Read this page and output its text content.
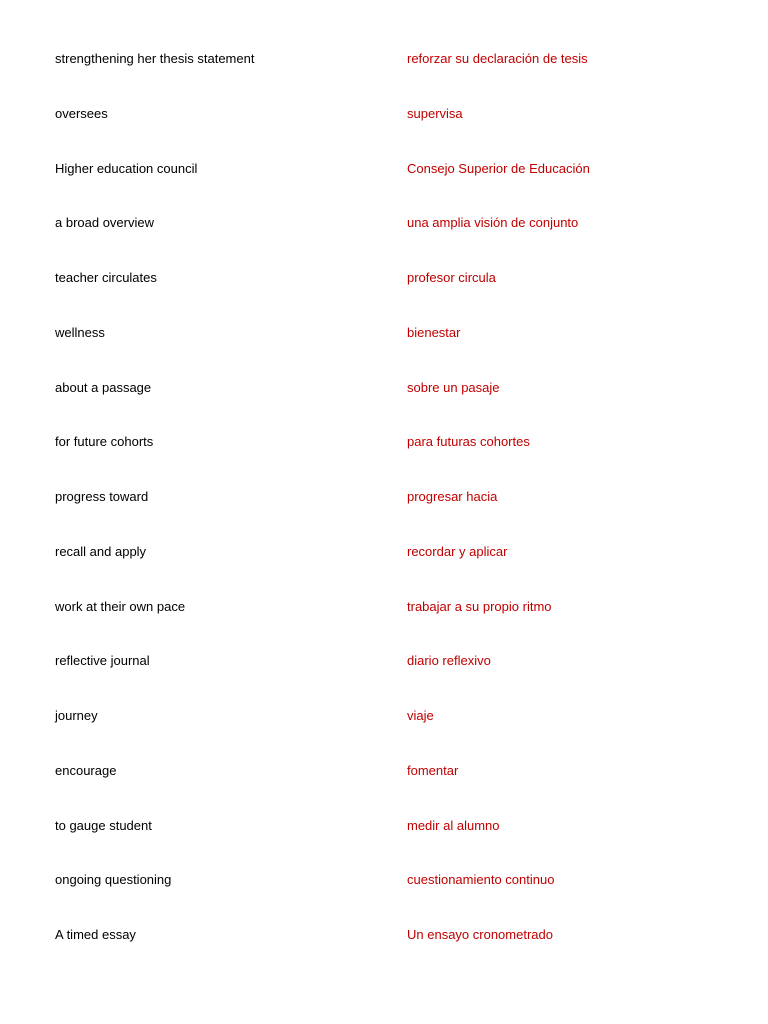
strengthening her thesis statement	reforzar su declaración de tesis
oversees	supervisa
Higher education council	Consejo Superior de Educación
a broad overview	una amplia visión de conjunto
teacher circulates	profesor circula
wellness	bienestar
about a passage	sobre un pasaje
for future cohorts	para futuras cohortes
progress toward	progresar hacia
recall and apply	recordar y aplicar
work at their own pace	trabajar a su propio ritmo
reflective journal	diario reflexivo
journey	viaje
encourage	fomentar
to gauge student	medir al alumno
ongoing questioning	cuestionamiento continuo
A timed essay	Un ensayo cronometrado
